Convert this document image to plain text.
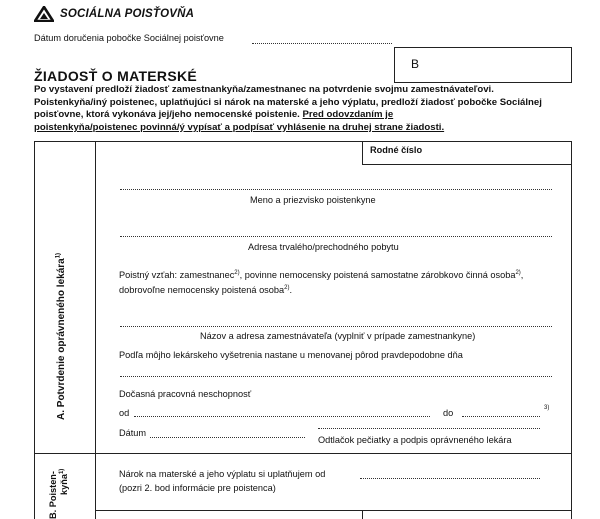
SOCIÁLNA POISŤOVŇA
Dátum doručenia pobočke Sociálnej poisťovne
B
ŽIADOSŤ O MATERSKÉ
Po vystavení predloží žiadosť zamestnankyňa/zamestnanec na potvrdenie svojmu zamestnávateľovi.
Poistenkyňa/iný poistenec, uplatňujúci si nárok na materské a jeho výplatu, predloží žiadosť pobočke Sociálnej
poisťovne, ktorá vykonáva jej/jeho nemocenské poistenie. Pred odovzdaním je
poistenkyňa/poistenec povinná/ý vypísať a podpísať vyhlásenie na druhej strane žiadosti.
Rodné číslo
A. Potvrdenie oprávneného lekára$^{1)}$
Meno a priezvisko poistenkyne
Adresa trvalého/prechodného pobytu
Poistný vzťah: zamestnanec$^{2)}$, povinne nemocensky poistená samostatne zárobkovo činná osoba$^{2)}$,
dobrovoľne nemocensky poistená osoba$^{2)}$.
Názov a adresa zamestnávateľa (vyplniť v prípade zamestnankyne)
Podľa môjho lekárskeho vyšetrenia nastane u menovanej pôrod pravdepodobne dňa
Dočasná pracovná neschopnosť
od	do	3)
Dátum
Odtlačok pečiatky a podpis oprávneného lekára
B. Poisten- kyňa$^{1)}$	Nárok na materské a jeho výplatu si uplatňujem od
(pozri 2. bod informácie pre poistenca)
